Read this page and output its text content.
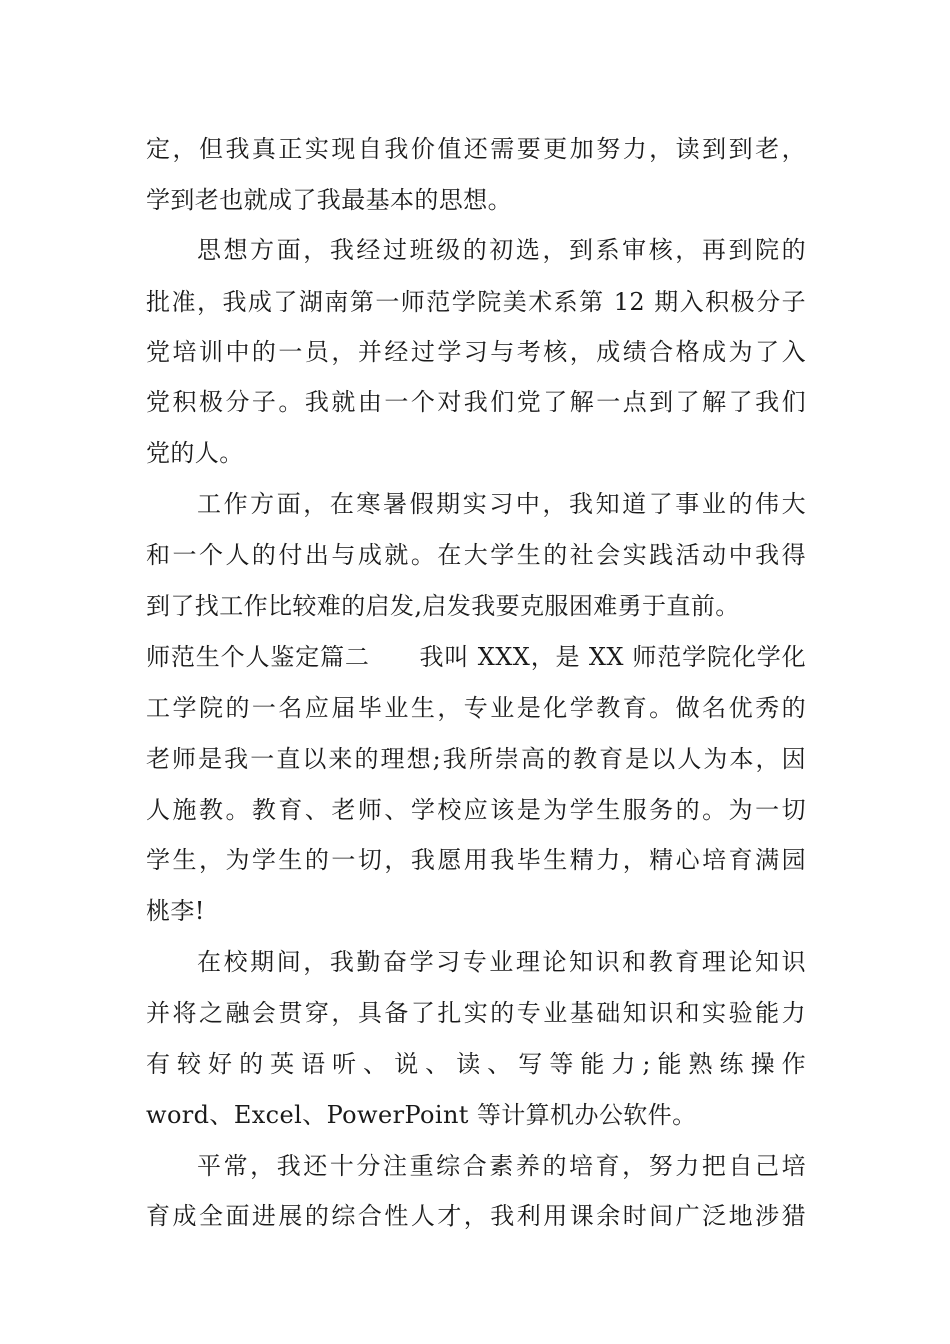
定，但我真正实现自我价值还需要更加努力，读到到老，
学到老也就成了我最基本的思想。
思想方面，我经过班级的初选，到系审核，再到院的
批准，我成了湖南第一师范学院美术系第 12 期入积极分子
党培训中的一员，并经过学习与考核，成绩合格成为了入
党积极分子。我就由一个对我们党了解一点到了解了我们
党的人。
工作方面，在寒暑假期实习中，我知道了事业的伟大
和一个人的付出与成就。在大学生的社会实践活动中我得
到了找工作比较难的启发,启发我要克服困难勇于直前。
师范生个人鉴定篇二　　我叫 XXX，是 XX 师范学院化学化
工学院的一名应届毕业生，专业是化学教育。做名优秀的
老师是我一直以来的理想;我所崇高的教育是以人为本，因
人施教。教育、老师、学校应该是为学生服务的。为一切
学生，为学生的一切，我愿用我毕生精力，精心培育满园
桃李!
在校期间，我勤奋学习专业理论知识和教育理论知识
并将之融会贯穿，具备了扎实的专业基础知识和实验能力
有较好的英语听、说、读、写等能力;能熟练操作
word、Excel、PowerPoint 等计算机办公软件。
平常，我还十分注重综合素养的培育，努力把自己培
育成全面进展的综合性人才，我利用课余时间广泛地涉猎
